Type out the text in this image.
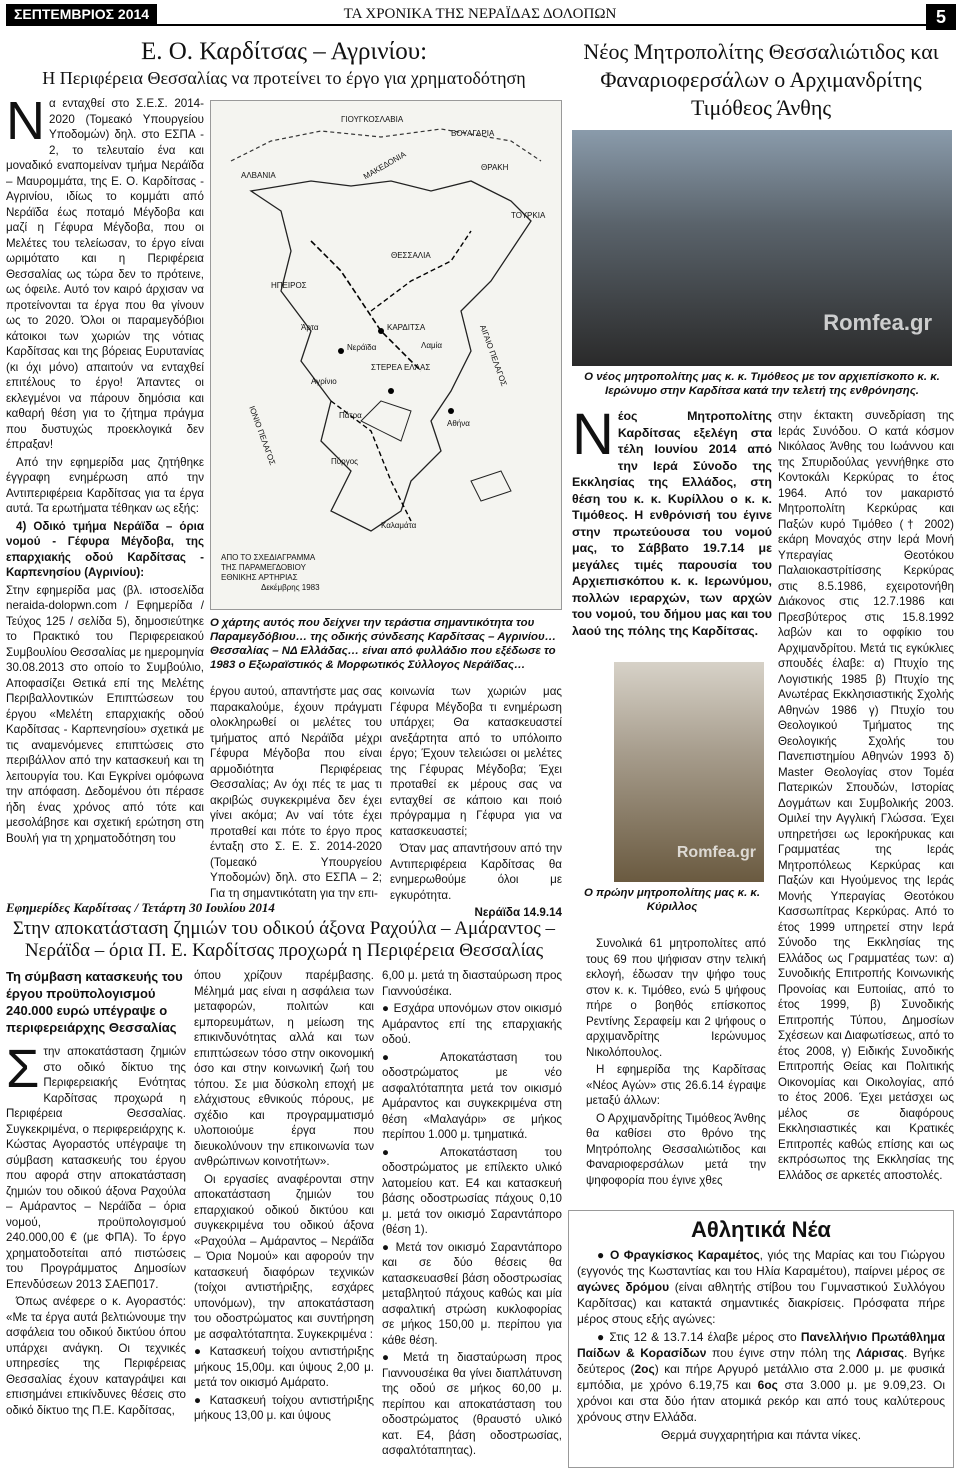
ΣΕΠΤΕΜΒΡΙΟΣ 2014	ΤΑ ΧΡΟΝΙΚΑ ΤΗΣ ΝΕΡΑΪΔΑΣ ΔΟΛΟΠΩΝ	5
Ε. Ο. Καρδίτσας – Αγρινίου:
Η Περιφέρεια Θεσσαλίας να προτείνει το έργο για χρηματοδότηση
Ν α ενταχθεί στο Σ.Ε.Σ. 2014-2020 (Τομεακό Υπουργείου Υποδομών) δηλ. στο ΕΣΠΑ - 2, το τελευταίο ένα και μοναδικό εναπομείναν τμήμα Νεράϊδα – Μαυρομμάτα, της Ε. Ο. Καρδίτσας - Αγρινίου, ιδίως το κομμάτι από Νεράϊδα έως ποταμό Μέγδοβα και μαζί η Γέφυρα Μέγδοβα, που οι Μελέτες του τελείωσαν, το έργο είναι ωριμότατο και η Περιφέρεια Θεσσαλίας ως τώρα δεν το πρότεινε, ως όφειλε. Αυτό τον καιρό άρχισαν να προτείνονται τα έργα που θα γίνουν ως το 2020. Όλοι οι παραμεγδόβιοι κάτοικοι των χωριών της νότιας Καρδίτσας και της βόρειας Ευρυτανίας (κι όχι μόνο) απαιτούν να ενταχθεί επιτέλους το έργο! Άπαντες οι εκλεγμένοι να πάρουν δημόσια και καθαρή θέση για το ζήτημα πράγμα που δυστυχώς προεκλογικά δεν έπραξαν!

Από την εφημερίδα μας ζητήθηκε έγγραφη ενημέρωση από την Αντιπεριφέρεια Καρδίτσας για τα έργα αυτά. Τα ερωτήματα τέθηκαν ως εξής:

4) Οδικό τμήμα Νεράϊδα – όρια νομού - Γέφυρα Μέγδοβα, της επαρχιακής οδού Καρδίτσας - Καρπενησίου (Αγρινίου):

Στην εφημερίδα μας (βλ. ιστοσελίδα neraida-dolopwn.com / Εφημερίδα / Τεύχος 125 / σελίδα 5), δημοσιεύτηκε το Πρακτικό του Περιφερειακού Συμβουλίου Θεσσαλίας με ημερομηνία 30.08.2013 στο οποίο το Συμβούλιο, Αποφασίζει Θετικά επί της Μελέτης Περιβαλλοντικών Επιπτώσεων του έργου «Μελέτη επαρχιακής οδού Καρδίτσας - Καρπενησίου» σχετικά με τις αναμενόμενες επιπτώσεις στο περιβάλλον από την κατασκευή και τη λειτουργία του. Και Εγκρίνει ομόφωνα την απόφαση. Δεδομένου ότι πέρασε ήδη ένας χρόνος από τότε και μεσολάβησε και σχετική ερώτηση στη Βουλή για τη χρηματοδότηση του

ΓΙΟΥΓΚΟΣΛΑΒΙΑ
ΒΟΥΛΓΑΡΙΑ
ΑΛΒΑΝΙΑ	ΜΑΚΕΔΟΝΙΑ	ΘΡΑΚΗ
ΤΟΥΡΚΙΑ
ΗΠΕΙΡΟΣ
ΘΕΣΣΑΛΙΑ
ΚΑΡΔΙΤΣΑ
ΣΤΕΡΕΑ ΕΛΛΑΣ
Νεράϊδα
Άρτα
Αγρίνιο
ΙΟΝΙΟ ΠΕΛΑΓΟΣ
ΑΙΓΑΙΟ ΠΕΛΑΓΟΣ
Πύργος
Καλαμάτα
Πάτρα
Αθήνα
Λαμία
ΑΠΟ ΤΟ ΣΧΕΔΙΑΓΡΑΜΜΑ
ΤΗΣ ΠΑΡΑΜΕΓΔΟΒΙΟΥ
ΕΘΝΙΚΗΣ ΑΡΤΗΡΙΑΣ
Δεκέμβρης 1983
Ο χάρτης αυτός που δείχνει την τεράστια σημαντικότητα του Παραμεγδόβιου… της οδικής σύνδεσης Καρδίτσας – Αγρινίου… Θεσσαλίας – ΝΔ Ελλάδας… είναι από φυλλάδιο που εξέδωσε το 1983 ο Εξωραϊστικός & Μορφωτικός Σύλλογος Νεράϊδας…
έργου αυτού, απαντήστε μας σας παρακαλούμε, έχουν πράγματι ολοκληρωθεί οι μελέτες του τμήματος από Νεράϊδα μέχρι Γέφυρα Μέγδοβα που είναι αρμοδιότητα Περιφέρειας Θεσσαλίας; Αν όχι πές τε μας τι ακριβώς συγκεκριμένα δεν έχει γίνει ακόμα; Αν ναί τότε έχει προταθεί και πότε το έργο προς ένταξη στο Σ. Ε. Σ. 2014-2020 (Τομεακό Υπουργείου Υποδομών) δηλ. στο ΕΣΠΑ – 2; Για τη σημαντικότατη για την επι-

κοινωνία των χωριών μας Γέφυρα Μέγδοβα τι ενημέρωση υπάρχει; Θα κατασκευαστεί ανεξάρτητα από το υπόλοιπο έργο; Έχουν τελειώσει οι μελέτες της Γέφυρας Μέγδοβα; Έχει προταθεί εκ μέρους σας να ενταχθεί σε κάποιο και ποιό πρόγραμμα η Γέφυρα για να κατασκευαστεί;

Όταν μας απαντήσουν από την Αντιπεριφέρεια Καρδίτσας θα ενημερωθούμε όλοι με εγκυρότητα.

Νεράϊδα 14.9.14

Εφημερίδες Καρδίτσας / Τετάρτη 30 Ιουλίου 2014
Στην αποκατάσταση ζημιών του οδικού άξονα Ραχούλα – Αμάραντος – Νεράϊδα – όρια Π. Ε. Καρδίτσας προχωρά η Περιφέρεια Θεσσαλίας

Τη σύμβαση κατασκευής του έργου προϋπολογισμού 240.000 ευρώ υπέγραψε ο περιφερειάρχης Θεσσαλίας

Σ την αποκατάσταση ζημιών στο οδικό δίκτυο της Περιφερειακής Ενότητας Καρδίτσας προχωρά η Περιφέρεια Θεσσαλίας. Συγκεκριμένα, ο περιφερειάρχης κ. Κώστας Αγοραστός υπέγραψε τη σύμβαση κατασκευής του έργου που αφορά στην αποκατάσταση ζημιών του οδικού άξονα Ραχούλα – Αμάραντος – Νεράϊδα – όρια νομού, προϋπολογισμού 240.000,00 € (με ΦΠΑ). Το έργο χρηματοδοτείται από πιστώσεις του Προγράμματος Δημοσίων Επενδύσεων 2013 ΣΑΕΠ017.

Όπως ανέφερε ο κ. Αγοραστός: «Με τα έργα αυτά βελτιώνουμε την ασφάλεια του οδικού δικτύου όπου υπάρχει ανάγκη. Οι τεχνικές υπηρεσίες της Περιφέρειας Θεσσαλίας έχουν καταγράψει και επισημάνει επικίνδυνες θέσεις στο οδικό δίκτυο της Π.Ε. Καρδίτσας,

όπου χρίζουν παρέμβασης. Μέλημά μας είναι η ασφάλεια των μεταφορών, πολιτών και εμπορευμάτων, η μείωση της επικινδυνότητας αλλά και των επιπτώσεων τόσο στην οικονομική όσο και στην κοινωνική ζωή του τόπου. Σε μια δύσκολη εποχή με ελάχιστους εθνικούς πόρους, με σχέδιο και προγραμματισμό υλοποιούμε έργα που διευκολύνουν την επικοινωνία των ανθρώπινων κοινοτήτων».

Οι εργασίες αναφέρονται στην αποκατάσταση ζημιών του επαρχιακού οδικού δικτύου και συγκεκριμένα του οδικού άξονα «Ραχούλα – Αμάραντος – Νεράϊδα – Όρια Νομού» και αφορούν την κατασκευή διαφόρων τεχνικών (τοίχοι αντιστήριξης, εσχάρες υπονόμων), την αποκατάσταση του οδοστρώματος και συντήρηση με ασφαλτόταπητα. Συγκεκριμένα :

● Κατασκευή τοίχου αντιστήριξης μήκους 15,00μ. και ύψους 2,00 μ. μετά τον οικισμό Αμάρατο.

● Κατασκευή τοίχου αντιστήριξης μήκους 13,00 μ. και ύψους

6,00 μ. μετά τη διασταύρωση προς Γιαννούσέικα.

● Εσχάρα υπονόμων στον οικισμό Αμάραντος επί της επαρχιακής οδού.

● Αποκατάσταση του οδοστρώματος με νέο ασφαλτόταπητα μετά τον οικισμό Αμάραντος και συγκεκριμένα στη θέση «Μαλαγάρι» σε μήκος περίπου 1.000 μ. τμηματικά.

● Αποκατάσταση του οδοστρώματος με επίλεκτο υλικό λατομείου κατ. Ε4 και κατασκευή βάσης οδοστρωσίας πάχους 0,10 μ. μετά τον οικισμό Σαραντάπορο (θέση 1).

● Μετά τον οικισμό Σαραντάπορο και σε δύο θέσεις θα κατασκευασθεί βάση οδοστρωσίας μεταβλητού πάχους καθώς και μία ασφαλτική στρώση κυκλοφορίας σε μήκος 150,00 μ. περίπου για κάθε θέση.

● Μετά τη διασταύρωση προς Γιαννουσέικα θα γίνει διαπλάτυνση της οδού σε μήκος 60,00 μ. περίπου και αποκατάσταση του οδοστρώματος (θραυστό υλικό κατ. Ε4, βάση οδοστρωσίας, ασφαλτόταπητας).

Νέος Μητροπολίτης Θεσσαλιώτιδος και Φαναριοφερσάλων ο Αρχιμανδρίτης Τιμόθεος Άνθης
Romfea.gr
Ο νέος μητροπολίτης μας κ. κ. Τιμόθεος με τον αρχιεπίσκοπο κ. κ. Ιερώνυμο στην Καρδίτσα κατά την τελετή της ενθρόνησης.
Ν έος Μητροπολίτης Καρδίτσας εξελέγη στα τέλη Ιουνίου 2014 από την Ιερά Σύνοδο της Εκκλησίας της Ελλάδος, στη θέση του κ. κ. Κυρίλλου ο κ. κ. Τιμόθεος. Η ενθρόνισή του έγινε στην πρωτεύουσα του νομού μας, το Σάββατο 19.7.14 με μεγάλες τιμές παρουσία του Αρχιεπισκόπου κ. κ. Ιερωνύμου, πολλών ιεραρχών, των αρχών του νομού, του δήμου μας και του λαού της πόλης της Καρδίτσας.

Romfea.gr
Ο πρώην μητροπολίτης μας κ. κ. Κύριλλος

Συνολικά 61 μητροπολίτες από τους 69 που ψήφισαν στην τελική εκλογή, έδωσαν την ψήφο τους στον κ. κ. Τιμόθεο, ενώ 5 ψήφους πήρε ο βοηθός επίσκοπος Ρεντίνης Σεραφείμ και 2 ψήφους ο αρχιμανδρίτης Ιερώνυμος Νικολόπουλος.

Η εφημερίδα της Καρδίτσας «Νέος Αγών» στις 26.6.14 έγραψε μεταξύ άλλων:

Ο Αρχιμανδρίτης Τιμόθεος Άνθης θα καθίσει στο θρόνο της Μητρόπολης Θεσσαλιώτιδος και Φαναριοφερσάλων μετά την ψηφοφορία που έγινε χθες

στην έκτακτη συνεδρίαση της Ιεράς Συνόδου. Ο κατά κόσμον Νικόλαος Άνθης του Ιωάννου και της Σπυριδούλας γεννήθηκε στο Κοντοκάλι Κερκύρας το έτος 1964. Από τον μακαριστό Μητροπολίτη Κερκύρας και Παξών κυρό Τιμόθεο († 2002) εκάρη Μοναχός στην Ιερά Μονή Υπεραγίας Θεοτόκου Παλαιοκαστρίτίσσης Κερκύρας στις 8.5.1986, εχειροτονήθη Διάκονος στις 12.7.1986 και Πρεσβύτερος στις 15.8.1992 λαβών και το οφφίκιο του Αρχιμανδρίτου. Μετά τις εγκύκλιες σπουδές έλαβε: α) Πτυχίο της Λογιστικής 1985 β) Πτυχίο της Ανωτέρας Εκκλησιαστικής Σχολής Αθηνών 1986 γ) Πτυχίο του Θεολογικού Τμήματος της Θεολογικής Σχολής του Πανεπιστημίου Αθηνών 1993 δ) Master Θεολογίας στον Τομέα Πατερικών Σπουδών, Ιστορίας Δογμάτων και Συμβολικής 2003. Ομιλεί την Αγγλική Γλώσσα. Έχει υπηρετήσει ως Ιεροκήρυκας και Γραμματέας της Ιεράς Μητροπόλεως Κερκύρας και Παξών και Ηγούμενος της Ιεράς Μονής Υπεραγίας Θεοτόκου Κασσωπίτρας Κερκύρας. Από το έτος 1999 υπηρετεί στην Ιερά Σύνοδο της Εκκλησίας της Ελλάδος ως Γραμματέας των: α) Συνοδικής Επιτροπής Κοινωνικής Προνοίας και Ευποιίας, από το έτος 1999, β) Συνοδικής Επιτροπής Τύπου, Δημοσίων Σχέσεων και Διαφωτίσεως, από το έτος 2008, γ) Ειδικής Συνοδικής Επιτροπής Θείας και Πολιτικής Οικονομίας και Οικολογίας, από το έτος 2006. Έχει μετάσχει ως μέλος σε διαφόρους Εκκλησιαστικές και Κρατικές Επιτροπές καθώς επίσης και ως εκπρόσωπος της Εκκλησίας της Ελλάδος σε αρκετές αποστολές.
Αθλητικά Νέα

● Ο Φραγκίσκος Καραμέτος, γιός της Μαρίας και του Γιώργου (εγγονός της Κωσταντίας και του Ηλία Καραμέτου), παίρνει μέρος σε αγώνες δρόμου (είναι αθλητής στίβου του Γυμναστικού Συλλόγου Καρδίτσας) και κατακτά σημαντικές διακρίσεις. Πρόσφατα πήρε μέρος στους εξής αγώνες:

● Στις 12 & 13.7.14 έλαβε μέρος στο Πανελλήνιο Πρωτάθλημα Παίδων & Κορασίδων που έγινε στην πόλη της Λάρισας. Βγήκε δεύτερος (2ος) και πήρε Αργυρό μετάλλιο στα 2.000 μ. με φυσικά εμπόδια, με χρόνο 6.19,75 και 6ος στα 3.000 μ. με 9.09,23. Οι χρόνοι και στα δύο ήταν ατομικά ρεκόρ και από τους καλύτερους χρόνους στην Ελλάδα.

Θερμά συγχαρητήρια και πάντα νίκες.
